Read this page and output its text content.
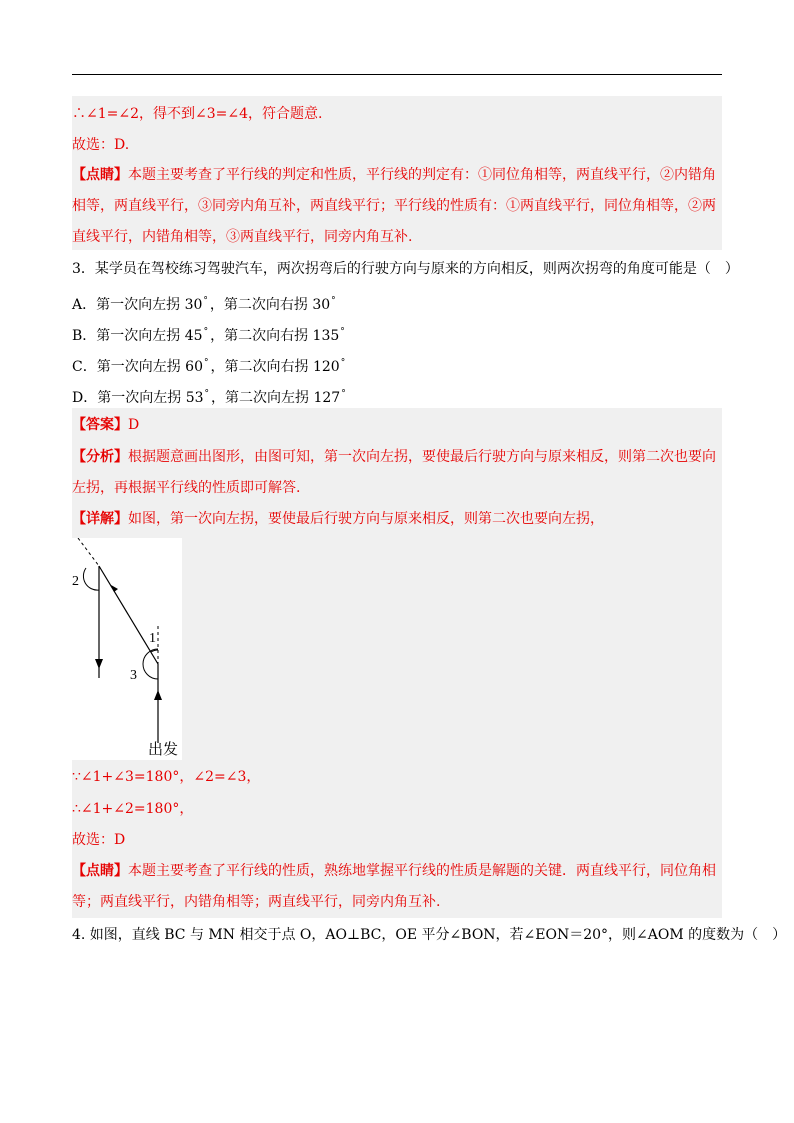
∴∠1=∠2，得不到∠3=∠4，符合题意.
故选：D.
【点睛】本题主要考查了平行线的判定和性质，平行线的判定有：①同位角相等，两直线平行，②内错角
相等，两直线平行，③同旁内角互补，两直线平行；平行线的性质有：①两直线平行，同位角相等，②两
直线平行，内错角相等，③两直线平行，同旁内角互补.
3．某学员在驾校练习驾驶汽车，两次拐弯后的行驶方向与原来的方向相反，则两次拐弯的角度可能是（ ）
A．第一次向左拐 30° ，第二次向右拐 30°
B．第一次向左拐 45° ，第二次向右拐 135°
C．第一次向左拐 60° ，第二次向右拐 120°
D．第一次向左拐 53° ，第二次向左拐 127°
【答案】D
【分析】根据题意画出图形，由图可知，第一次向左拐，要使最后行驶方向与原来相反，则第二次也要向
左拐，再根据平行线的性质即可解答.
【详解】如图，第一次向左拐，要使最后行驶方向与原来相反，则第二次也要向左拐，
2
1
3
出发
∵∠1+∠3=180°，∠2=∠3，
∴∠1+∠2=180°，
故选：D
【点睛】本题主要考查了平行线的性质，熟练地掌握平行线的性质是解题的关键．两直线平行，同位角相
等；两直线平行，内错角相等；两直线平行，同旁内角互补.
4. 如图，直线 BC 与 MN 相交于点 O，AO⊥BC，OE 平分∠BON，若∠EON＝20°，则∠AOM 的度数为（ ）
